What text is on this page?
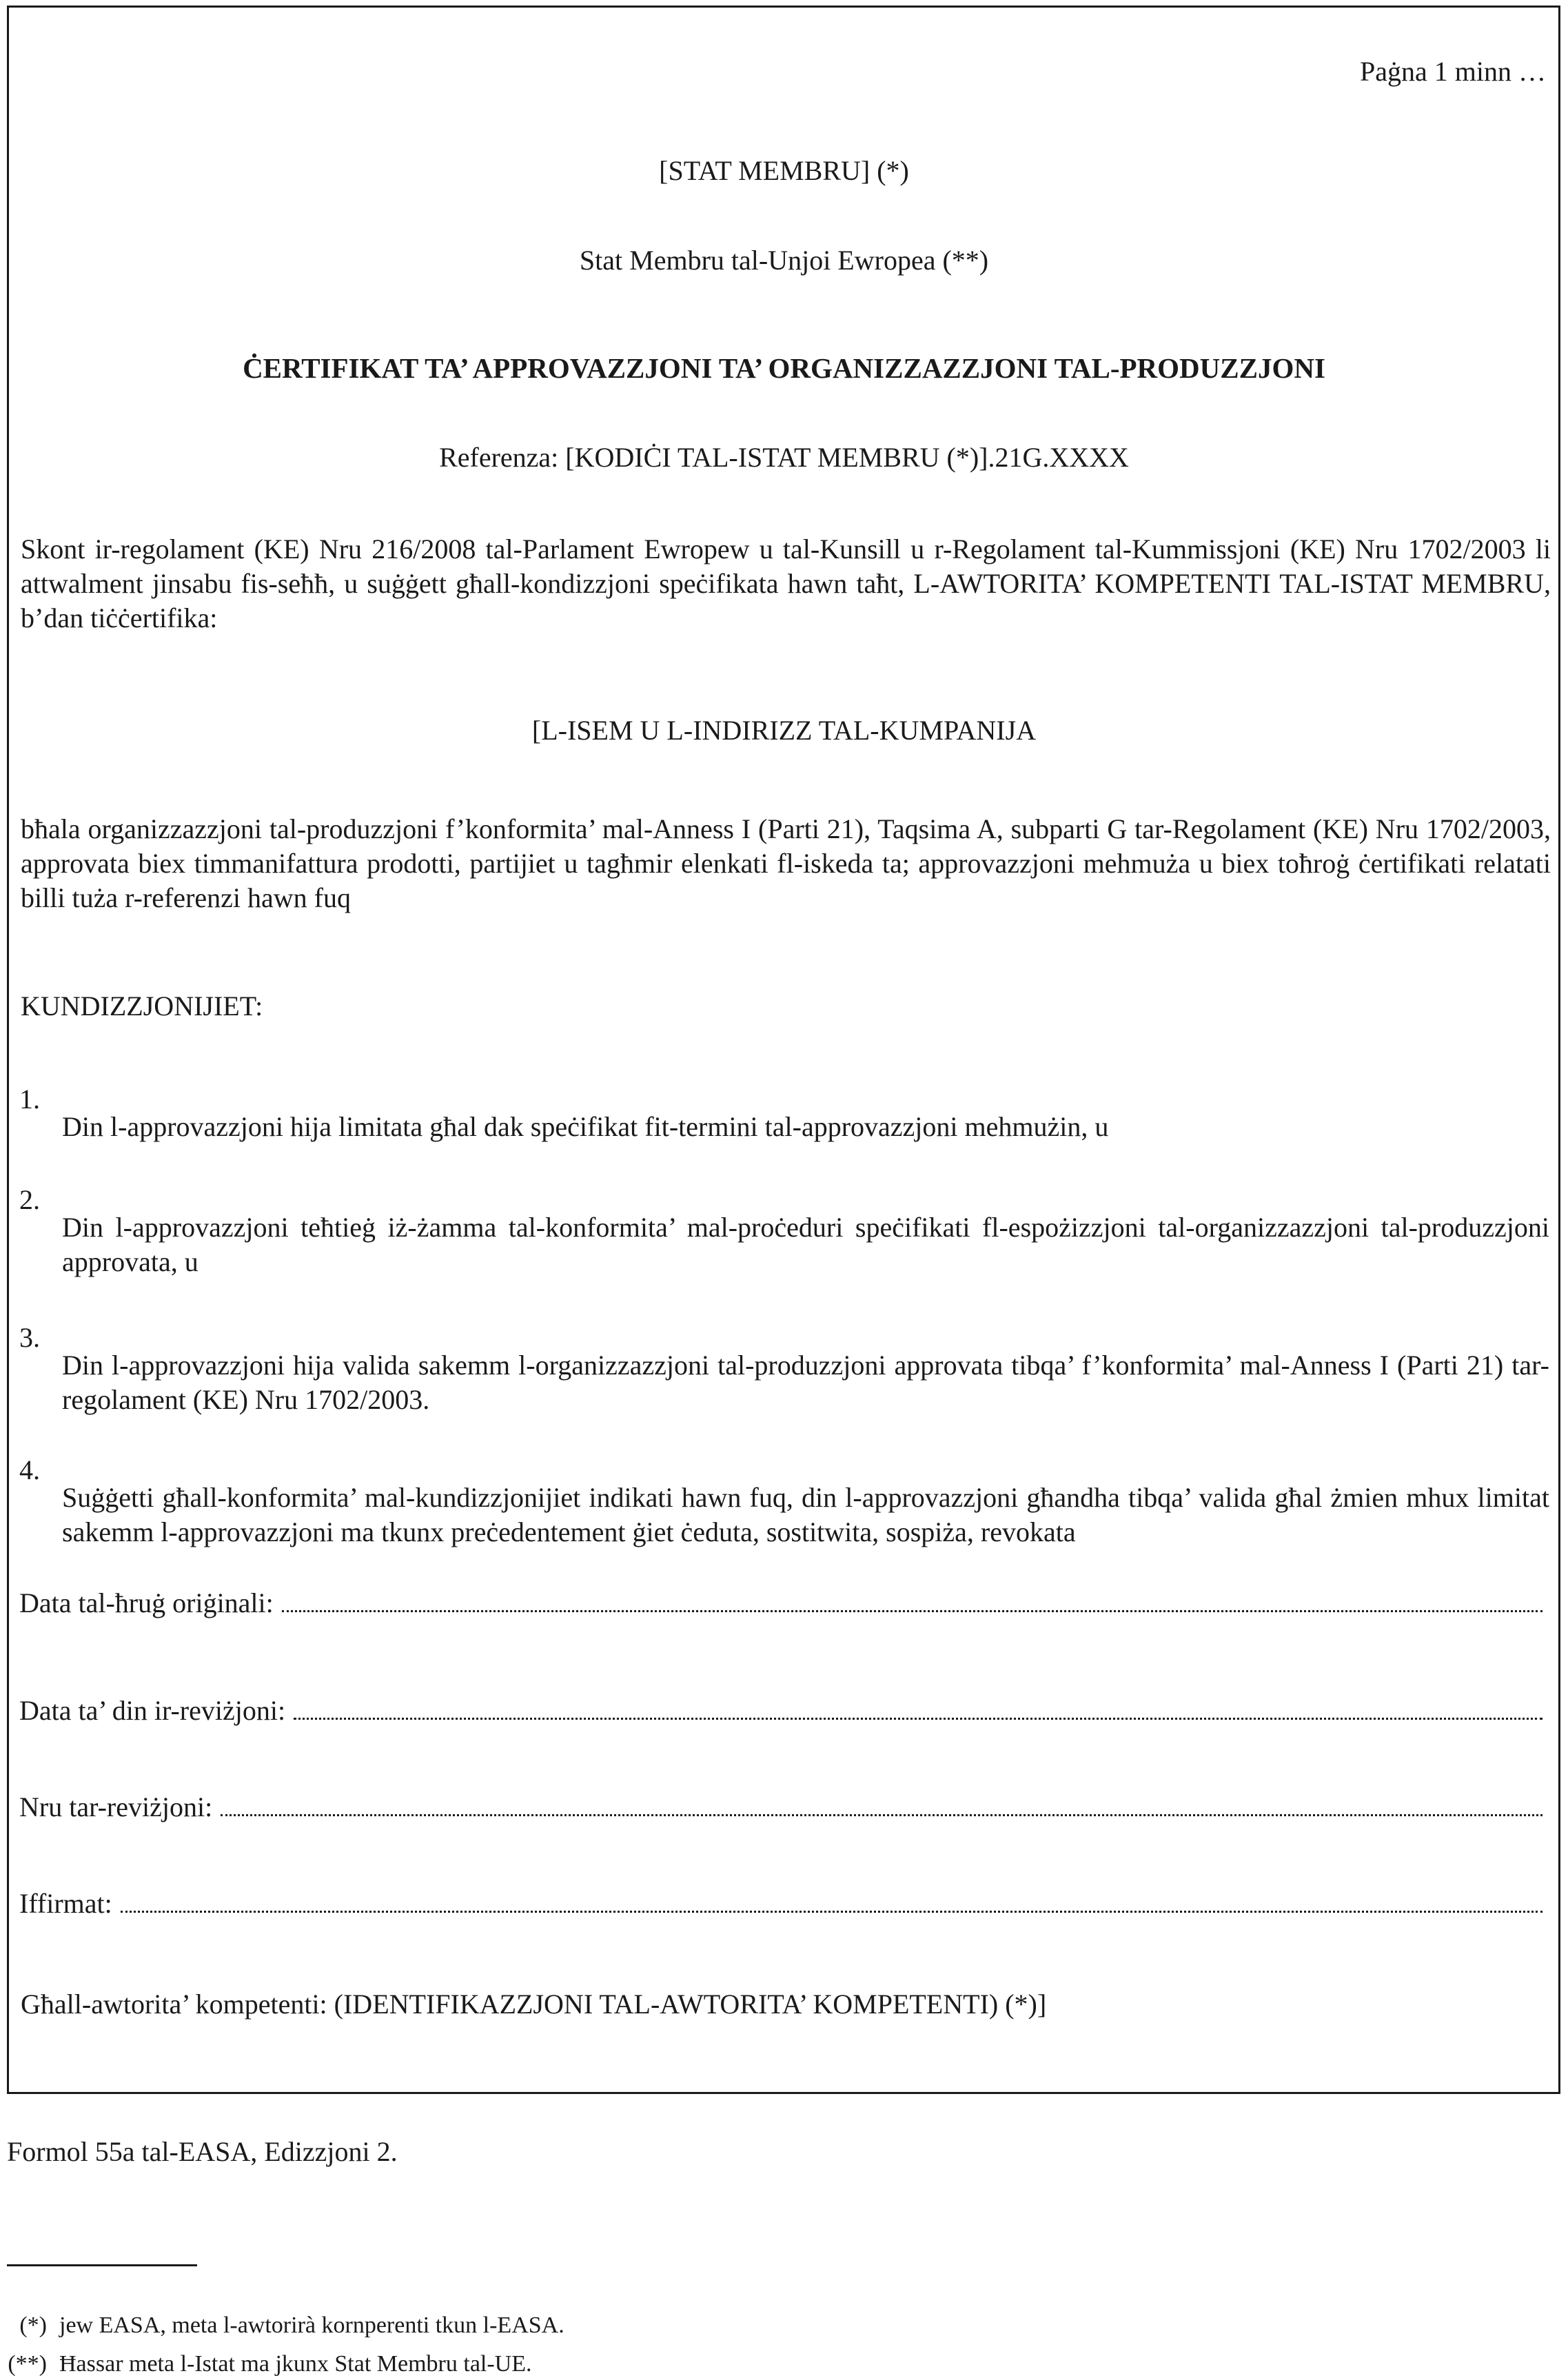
Paġna 1 minn …

[STAT MEMBRU] (*)

Stat Membru tal-Unjoi Ewropea (**)

ĊERTIFIKAT TA’ APPROVAZZJONI TA’ ORGANIZZAZZJONI TAL-PRODUZZJONI

Referenza: [KODIĊI TAL-ISTAT MEMBRU (*)].21G.XXXX

Skont ir-regolament (KE) Nru 216/2008 tal-Parlament Ewropew u tal-Kunsill u r-Regolament tal-Kummissjoni (KE) Nru 1702/2003 li attwalment jinsabu fis-seħħ, u suġġett għall-kondizzjoni speċifikata hawn taħt, L-AWTORITA’ KOMPETENTI TAL-ISTAT MEMBRU, b’dan tiċċertifika:

[L-ISEM U L-INDIRIZZ TAL-KUMPANIJA

bħala organizzazzjoni tal-produzzjoni f’konformita’ mal-Anness I (Parti 21), Taqsima A, subparti G tar-Regolament (KE) Nru 1702/2003, approvata biex timmanifattura prodotti, partijiet u tagħmir elenkati fl-iskeda ta; approvazzjoni mehmuża u biex toħroġ ċertifikati relatati billi tuża r-referenzi hawn fuq

KUNDIZZJONIJIET:

1.

Din l-approvazzjoni hija limitata għal dak speċifikat fit-termini tal-approvazzjoni mehmużin, u

2.

Din l-approvazzjoni teħtieġ iż-żamma tal-konformita’ mal-proċeduri speċifikati fl-espożizzjoni tal-organizzazzjoni tal-produzzjoni approvata, u

3.

Din l-approvazzjoni hija valida sakemm l-organizzazzjoni tal-produzzjoni approvata tibqa’ f’konformita’ mal-Anness I (Parti 21) tar-regolament (KE) Nru 1702/2003.

4.

Suġġetti għall-konformita’ mal-kundizzjonijiet indikati hawn fuq, din l-approvazzjoni għandha tibqa’ valida għal żmien mhux limitat sakemm l-approvazzjoni ma tkunx preċedentement ġiet ċeduta, sostitwita, sospiża, revokata

Data tal-ħruġ oriġinali:
Data ta’ din ir-reviżjoni:
Nru tar-reviżjoni:
Iffirmat:

Għall-awtorita’ kompetenti: (IDENTIFIKAZZJONI TAL-AWTORITA’ KOMPETENTI) (*)]

Formol 55a tal-EASA, Edizzjoni 2.

(*) jew EASA, meta l-awtorirà kornperenti tkun l-EASA.

(**) Ħassar meta l-Istat ma jkunx Stat Membru tal-UE.
